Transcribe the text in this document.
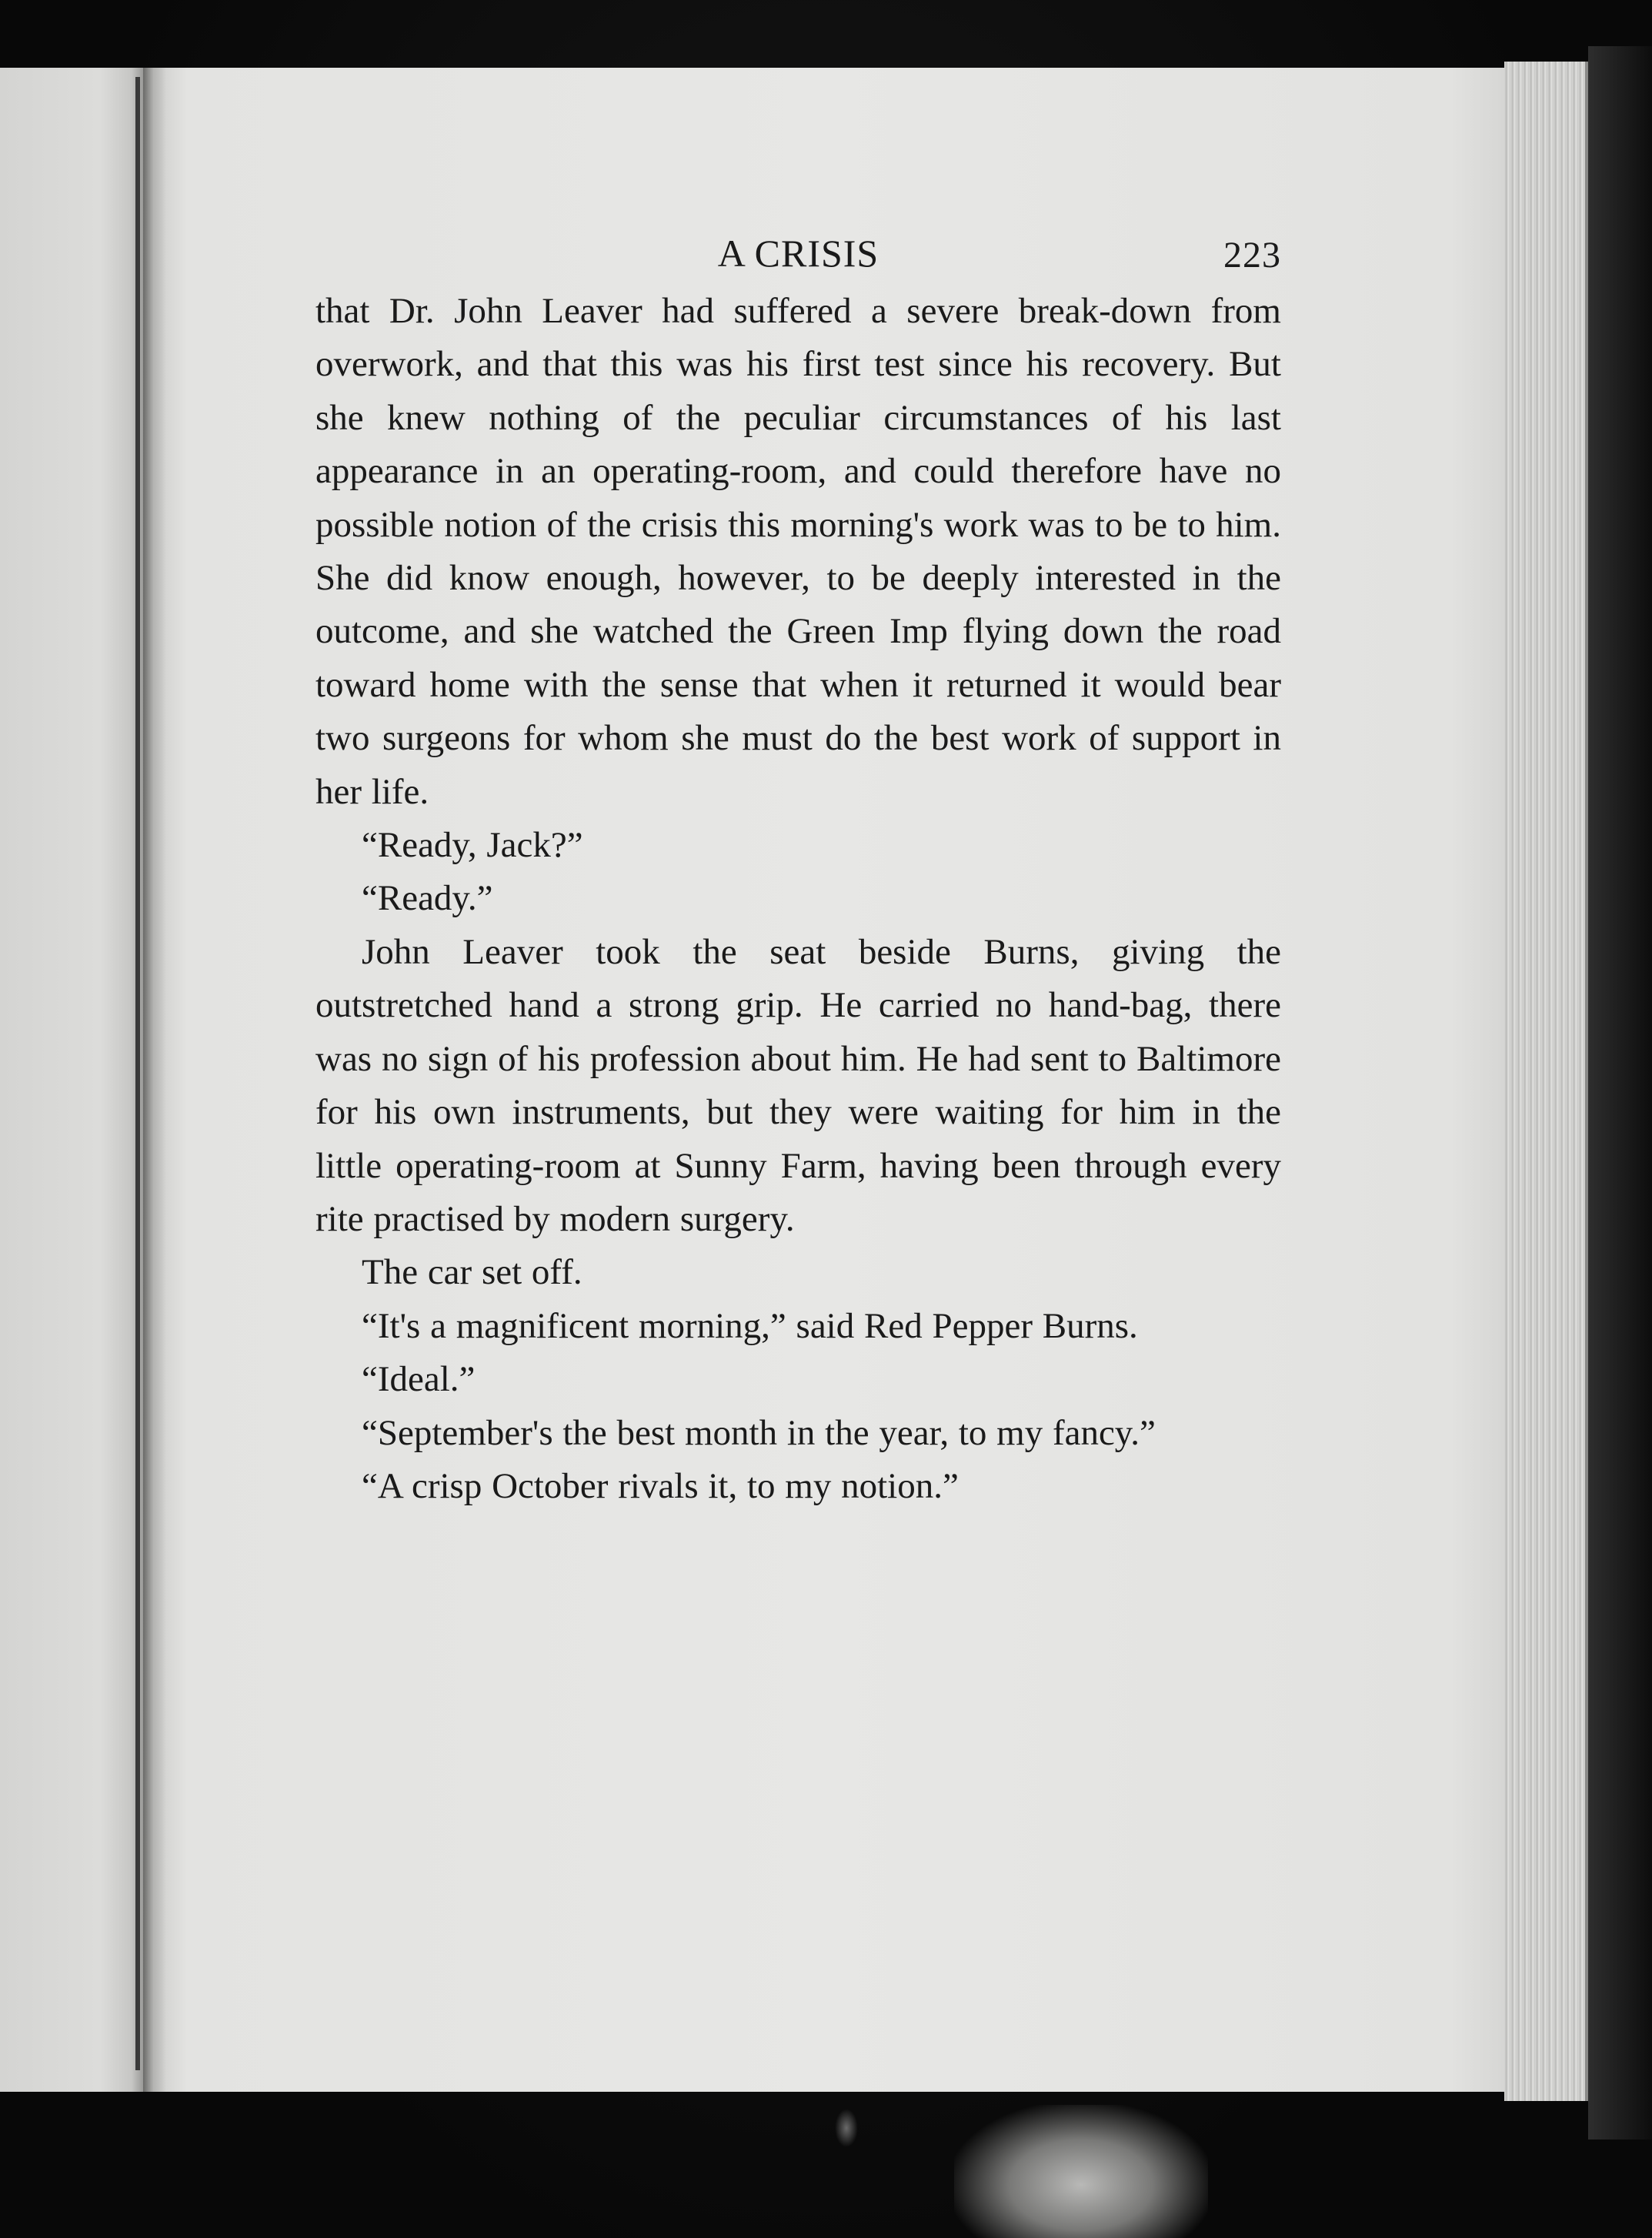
A CRISIS	223

that Dr. John Leaver had suffered a severe break-down from overwork, and that this was his first test since his recovery. But she knew nothing of the peculiar circumstances of his last appearance in an operating-room, and could therefore have no possible notion of the crisis this morning's work was to be to him. She did know enough, however, to be deeply interested in the outcome, and she watched the Green Imp flying down the road toward home with the sense that when it returned it would bear two surgeons for whom she must do the best work of support in her life.

“Ready, Jack?”

“Ready.”

John Leaver took the seat beside Burns, giving the outstretched hand a strong grip. He carried no hand-bag, there was no sign of his profession about him. He had sent to Baltimore for his own instruments, but they were waiting for him in the little operating-room at Sunny Farm, having been through every rite practised by modern surgery.

The car set off.

“It's a magnificent morning,” said Red Pepper Burns.

“Ideal.”

“September's the best month in the year, to my fancy.”

“A crisp October rivals it, to my notion.”
